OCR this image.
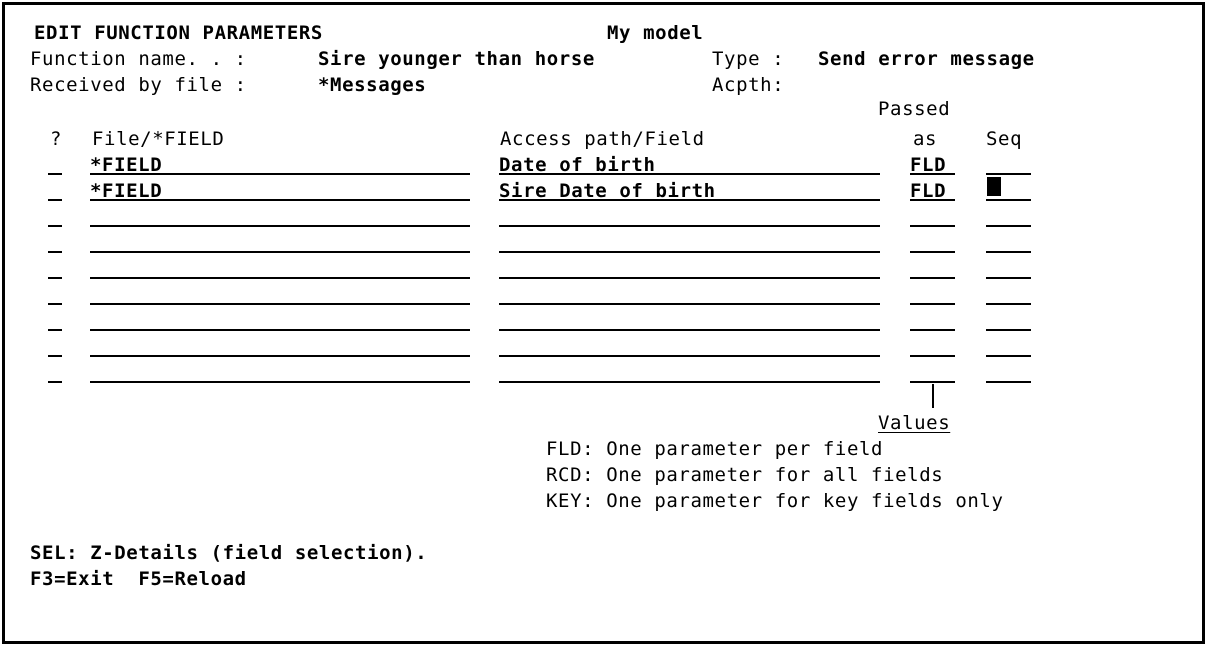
EDIT FUNCTION PARAMETERS	My model
Function name. . :	Sire younger than horse	Type : Send error message
Received by file :	*Messages	Acpth:
Passed
? File/*FIELD	Access path/Field	as	Seq
*FIELD	Date of birth	FLD
*FIELD	Sire Date of birth	FLD
Values
FLD: One parameter per field
RCD: One parameter for all fields
KEY: One parameter for key fields only
SEL: Z-Details (field selection).
F3=Exit  F5=Reload
